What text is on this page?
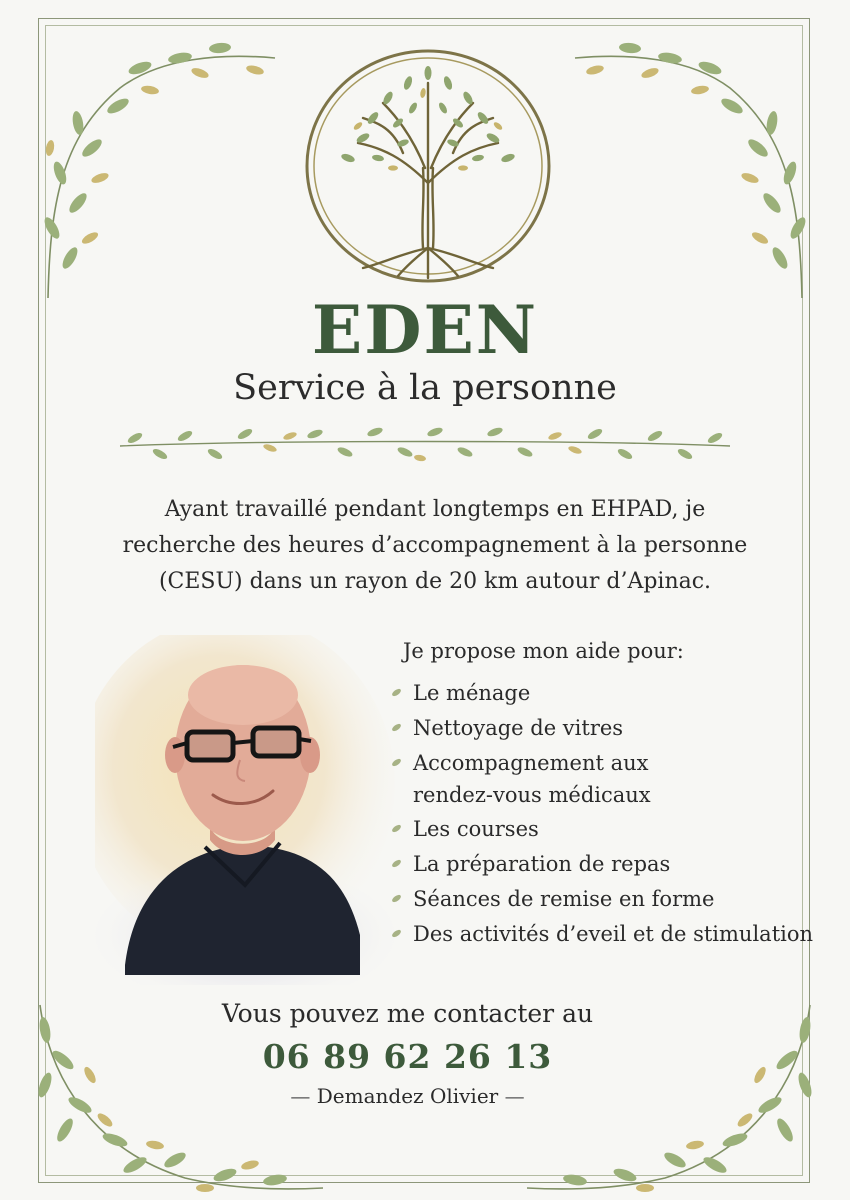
EDEN
Service à la personne
Ayant travaillé pendant longtemps en EHPAD, je
recherche des heures d’accompagnement à la personne
(CESU) dans un rayon de 20 km autour d’Apinac.
Je propose mon aide pour:
Le ménage
Nettoyage de vitres
Accompagnement aux
rendez-vous médicaux
Les courses
La préparation de repas
Séances de remise en forme
Des activités d’eveil et de stimulation
Vous pouvez me contacter au
06 89 62 26 13
— Demandez Olivier —
